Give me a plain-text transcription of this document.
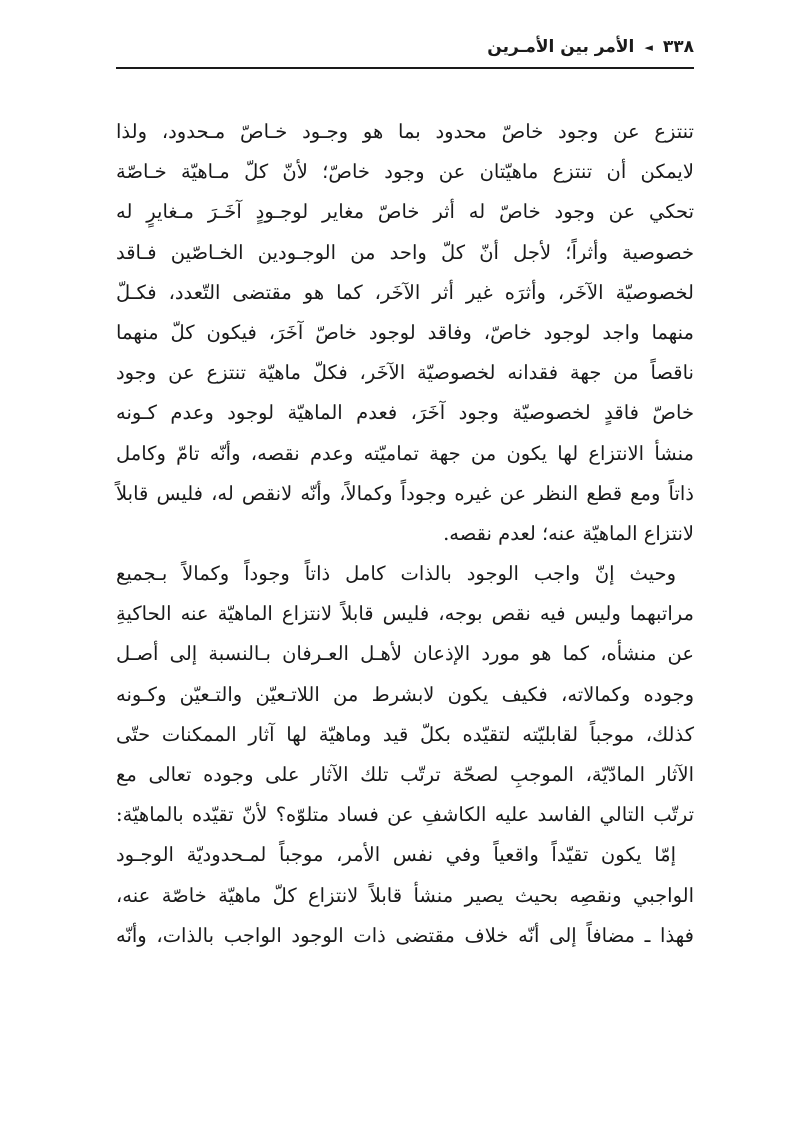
٣٣٨
◄
الأمر بين الأمـرين
تنتزع عن وجود خاصّ محدود بما هو وجـود خـاصّ مـحدود، ولذا
لايمكن أن تنتزع ماهيّتان عن وجود خاصّ؛ لأنّ كلّ مـاهيّة خـاصّة
تحكي عن وجود خاصّ له أثر خاصّ مغاير لوجـودٍ آخَـرَ مـغايرٍ له
خصوصية وأثراً؛ لأجل أنّ كلّ واحد من الوجـودين الخـاصّين فـاقد
لخصوصيّة الآخَر، وأثرَه غير أثر الآخَر، كما هو مقتضى التّعدد، فكـلّ
منهما واجد لوجود خاصّ، وفاقد لوجود خاصّ آخَرَ، فيكون كلّ منهما
ناقصاً من جهة فقدانه لخصوصيّة الآخَر، فكلّ ماهيّة تنتزع عن وجود
خاصّ فاقدٍ لخصوصيّة وجود آخَرَ، فعدم الماهيّة لوجود وعدم كـونه
منشأ الانتزاع لها يكون من جهة تماميّته وعدم نقصه، وأنّه تامّ وكامل
ذاتاً ومع قطع النظر عن غيره وجوداً وكمالاً، وأنّه لانقص له، فليس قابلاً
لانتزاع الماهيّة عنه؛ لعدم نقصه.
وحيث إنّ واجب الوجود بالذات كامل ذاتاً وجوداً وكمالاً بـجميع
مراتبهما وليس فيه نقص بوجه، فليس قابلاً لانتزاع الماهيّة عنه الحاكيةِ
عن منشأه، كما هو مورد الإذعان لأهـل العـرفان بـالنسبة إلى أصـل
وجوده وكمالاته، فكيف يكون لابشرط من اللاتـعيّن والتـعيّن وكـونه
كذلك، موجباً لقابليّته لتقيّده بكلّ قيد وماهيّة لها آثار الممكنات حتّى
الآثار المادّيّة، الموجبِ لصحّة ترتّب تلك الآثار على وجوده تعالى مع
ترتّب التالي الفاسد عليه الكاشفِ عن فساد متلوّه؟ لأنّ تقيّده بالماهيّة:
إمّا يكون تقيّداً واقعياً وفي نفس الأمر، موجباً لمـحدوديّة الوجـود
الواجبي ونقصِه بحيث يصير منشأ قابلاً لانتزاع كلّ ماهيّة خاصّة عنه،
فهذا ـ مضافاً إلى أنّه خلاف مقتضى ذات الوجود الواجب بالذات، وأنّه
